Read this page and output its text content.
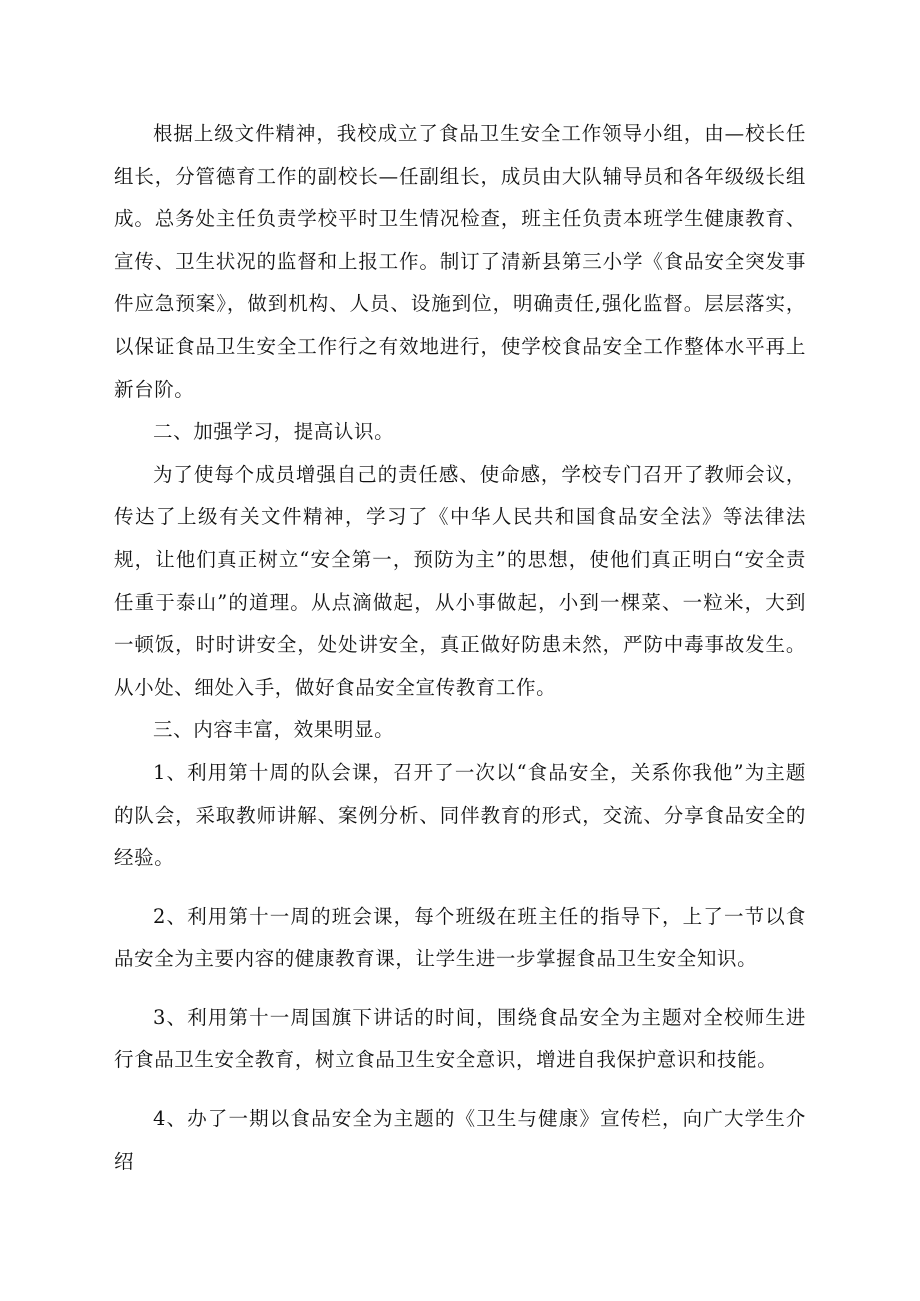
根据上级文件精神，我校成立了食品卫生安全工作领导小组，由—校长任组长，分管德育工作的副校长—任副组长，成员由大队辅导员和各年级级长组成。总务处主任负责学校平时卫生情况检查，班主任负责本班学生健康教育、宣传、卫生状况的监督和上报工作。制订了清新县第三小学《食品安全突发事件应急预案》，做到机构、人员、设施到位，明确责任,强化监督。层层落实，以保证食品卫生安全工作行之有效地进行，使学校食品安全工作整体水平再上新台阶。

二、加强学习，提高认识。

为了使每个成员增强自己的责任感、使命感，学校专门召开了教师会议，传达了上级有关文件精神，学习了《中华人民共和国食品安全法》等法律法规，让他们真正树立“安全第一，预防为主”的思想，使他们真正明白“安全责任重于泰山”的道理。从点滴做起，从小事做起，小到一棵菜、一粒米，大到一顿饭，时时讲安全，处处讲安全，真正做好防患未然，严防中毒事故发生。从小处、细处入手，做好食品安全宣传教育工作。

三、内容丰富，效果明显。

1、利用第十周的队会课，召开了一次以“食品安全，关系你我他”为主题的队会，采取教师讲解、案例分析、同伴教育的形式，交流、分享食品安全的经验。

2、利用第十一周的班会课，每个班级在班主任的指导下，上了一节以食品安全为主要内容的健康教育课，让学生进一步掌握食品卫生安全知识。

3、利用第十一周国旗下讲话的时间，围绕食品安全为主题对全校师生进行食品卫生安全教育，树立食品卫生安全意识，增进自我保护意识和技能。

4、办了一期以食品安全为主题的《卫生与健康》宣传栏，向广大学生介绍
